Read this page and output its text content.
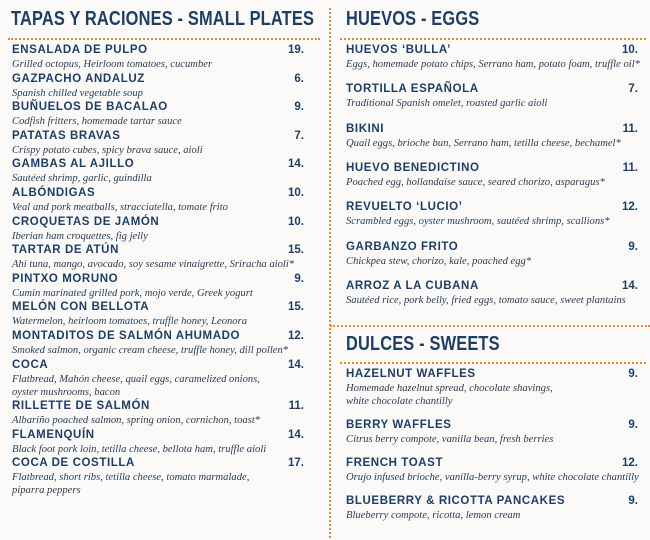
TAPAS Y RACIONES - SMALL PLATES
ENSALADA DE PULPO	19.
Grilled octopus, Heirloom tomatoes, cucumber
GAZPACHO ANDALUZ	6.
Spanish chilled vegetable soup
BUÑUELOS DE BACALAO	9.
Codfish fritters, homemade tartar sauce
PATATAS BRAVAS	7.
Crispy potato cubes, spicy brava sauce, aioli
GAMBAS AL AJILLO	14.
Sautéed shrimp, garlic, guindilla
ALBÓNDIGAS	10.
Veal and pork meatballs, stracciatella, tomate frito
CROQUETAS DE JAMÓN	10.
Iberian ham croquettes, fig jelly
TARTAR DE ATÚN	15.
Ahi tuna, mango, avocado, soy sesame vinaigrette, Sriracha aioli*
PINTXO MORUNO	9.
Cumin marinated grilled pork, mojo verde, Greek yogurt
MELÓN CON BELLOTA	15.
Watermelon, heirloom tomatoes, truffle honey, Leonora
MONTADITOS DE SALMÓN AHUMADO	12.
Smoked salmon, organic cream cheese, truffle honey, dill pollen*
COCA	14.
Flatbread, Mahón cheese, quail eggs, caramelized onions,
oyster mushrooms, bacon
RILLETTE DE SALMÓN	11.
Albariño poached salmon, spring onion, cornichon, toast*
FLAMENQUÍN	14.
Black foot pork loin, tetilla cheese, bellota ham, truffle aioli
COCA DE COSTILLA	17.
Flatbread, short ribs, tetilla cheese, tomato marmalade,
piparra peppers
HUEVOS - EGGS
HUEVOS ‘BULLA’	10.
Eggs, homemade potato chips, Serrano ham, potato foam, truffle oil*
TORTILLA ESPAÑOLA	7.
Traditional Spanish omelet, roasted garlic aioli
BIKINI	11.
Quail eggs, brioche bun, Serrano ham, tetilla cheese, bechamel*
HUEVO BENEDICTINO	11.
Poached egg, hollandaise sauce, seared chorizo, asparagus*
REVUELTO ‘LUCIO’	12.
Scrambled eggs, oyster mushroom, sautéed shrimp, scallions*
GARBANZO FRITO	9.
Chickpea stew, chorizo, kale, poached egg*
ARROZ A LA CUBANA	14.
Sautéed rice, pork belly, fried eggs, tomato sauce, sweet plantains
DULCES - SWEETS
HAZELNUT WAFFLES	9.
Homemade hazelnut spread, chocolate shavings,
white chocolate chantilly
BERRY WAFFLES	9.
Citrus berry compote, vanilla bean, fresh berries
FRENCH TOAST	12.
Orujo infused brioche, vanilla-berry syrup, white chocolate chantilly
BLUEBERRY & RICOTTA PANCAKES	9.
Blueberry compote, ricotta, lemon cream
